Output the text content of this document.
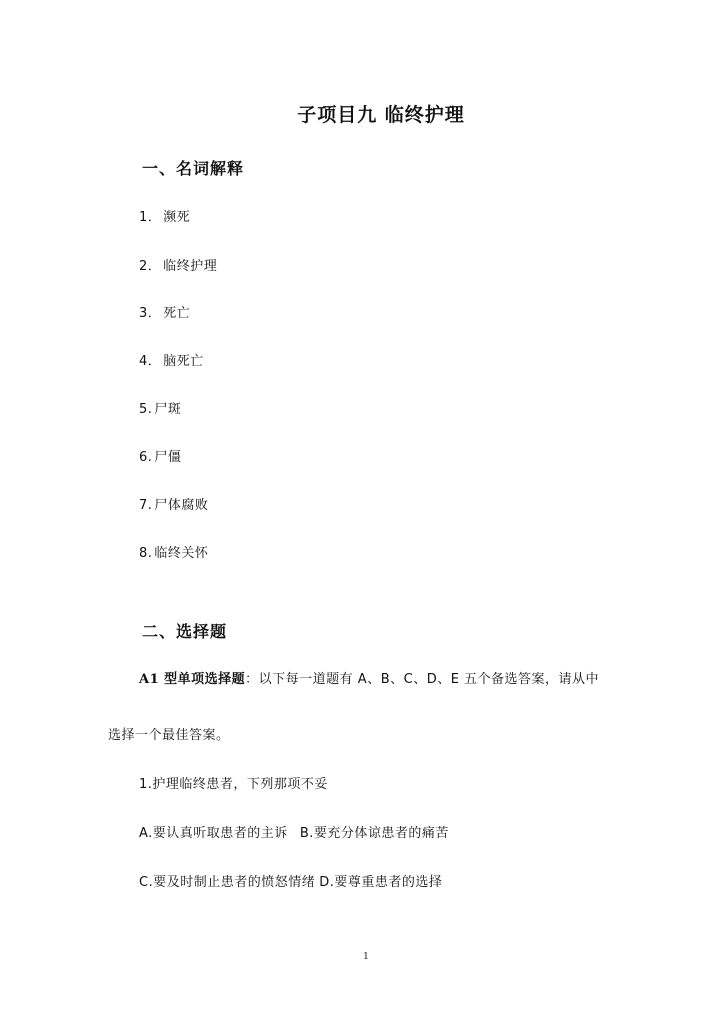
子项目九 临终护理
一、名词解释
1． 濒死
2． 临终护理
3． 死亡
4． 脑死亡
5. 尸斑
6. 尸僵
7. 尸体腐败
8. 临终关怀
二、选择题
A1 型单项选择题：以下每一道题有 A、B、C、D、E 五个备选答案，请从中
选择一个最佳答案。
1.护理临终患者，下列那项不妥
A.要认真听取患者的主诉 B.要充分体谅患者的痛苦
C.要及时制止患者的愤怒情绪 D.要尊重患者的选择
1
